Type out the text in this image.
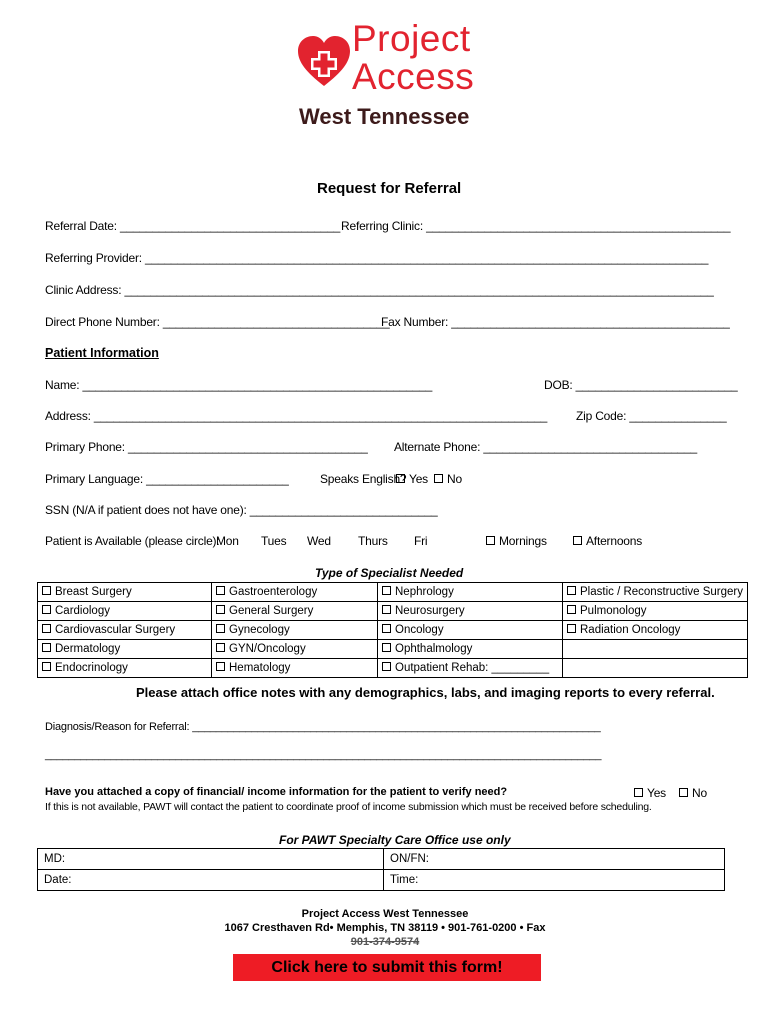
Project
Access
West Tennessee
Request for Referral
Referral Date: __________________________________ Referring Clinic: _______________________________________________
Referring Provider: _______________________________________________________________________________________
Clinic Address: ___________________________________________________________________________________________
Direct Phone Number: ___________________________________
Fax Number: ___________________________________________
Patient Information
Name: ______________________________________________________	DOB: _________________________
Address: ______________________________________________________________________ Zip Code: _______________
Primary Phone: _____________________________________ Alternate Phone: _________________________________
Primary Language: ______________________	Speaks English? Yes	No
SSN (N/A if patient does not have one): _____________________________
Patient is Available (please circle):
Mon Tues Wed Thurs Fri	Mornings	Afternoons
Type of Specialist Needed
Breast Surgery	Gastroenterology	Nephrology	Plastic / Reconstructive Surgery
Cardiology	General Surgery	Neurosurgery	Pulmonology
Cardiovascular Surgery	Gynecology	Oncology	Radiation Oncology
Dermatology	GYN/Oncology	Ophthalmology	
Endocrinology	Hematology	Outpatient Rehab: _________	
Please attach office notes with any demographics, labs, and imaging reports to every referral.
Diagnosis/Reason for Referral: _____________________________________________________________________
______________________________________________________________________________________________
Have you attached a copy of financial/ income information for the patient to verify need?	Yes	No
If this is not available, PAWT will contact the patient to coordinate proof of income submission which must be received before scheduling.
For PAWT Specialty Care Office use only
MD:	ON/FN:
Date:	Time:
Project Access West Tennessee
1067 Cresthaven Rd• Memphis, TN 38119 • 901-761-0200 • Fax
901-374-9574
Click here to submit this form!
